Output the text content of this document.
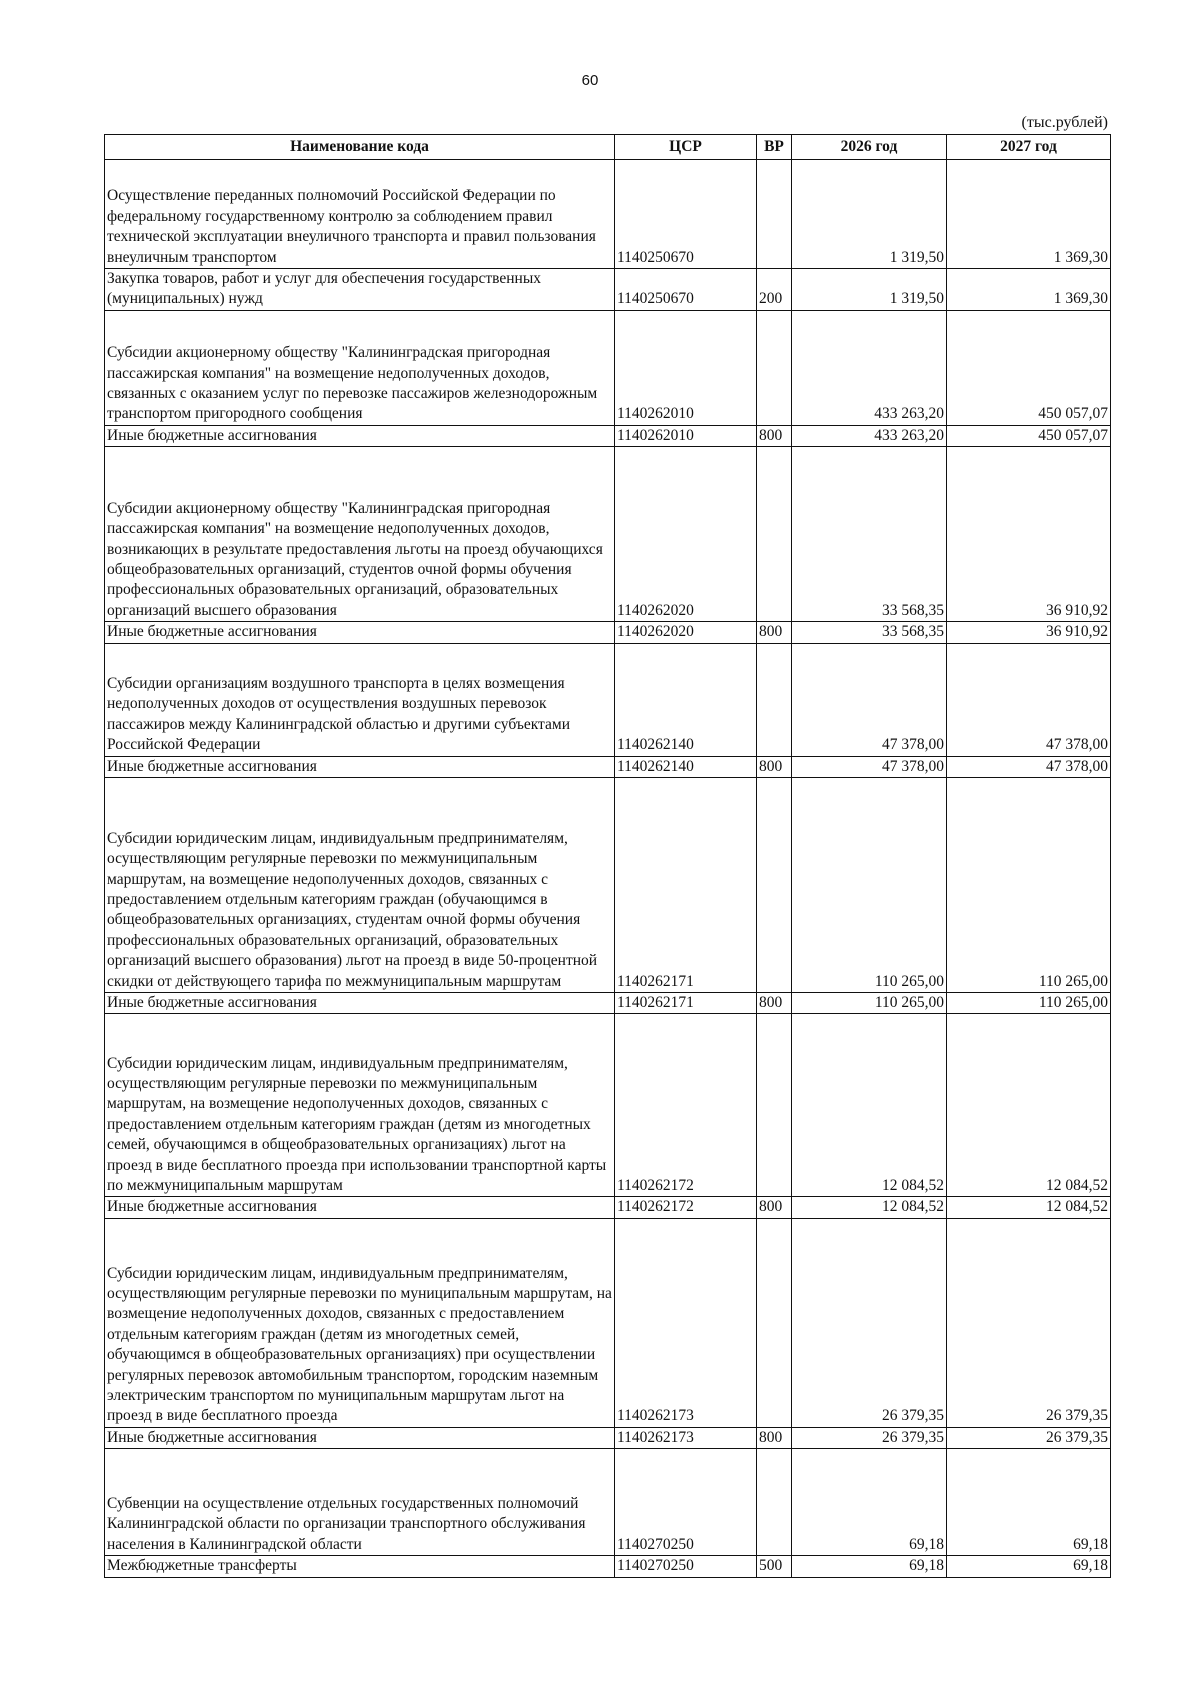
60
(тыс.рублей)
Наименование кода	ЦСР	ВР	2026 год	2027 год
Осуществление переданных полномочий Российской Федерации по федеральному государственному контролю за соблюдением правил технической эксплуатации внеуличного транспорта и правил пользования внеуличным транспортом	1140250670		1 319,50	1 369,30
Закупка товаров, работ и услуг для обеспечения государственных (муниципальных) нужд	1140250670	200	1 319,50	1 369,30
Субсидии акционерному обществу "Калининградская пригородная пассажирская компания" на возмещение недополученных доходов, связанных с оказанием услуг по перевозке пассажиров железнодорожным транспортом пригородного сообщения	1140262010		433 263,20	450 057,07
Иные бюджетные ассигнования	1140262010	800	433 263,20	450 057,07
Субсидии акционерному обществу "Калининградская пригородная пассажирская компания" на возмещение недополученных доходов, возникающих в результате предоставления льготы на проезд обучающихся общеобразовательных организаций, студентов очной формы обучения профессиональных образовательных организаций, образовательных организаций высшего образования	1140262020		33 568,35	36 910,92
Иные бюджетные ассигнования	1140262020	800	33 568,35	36 910,92
Субсидии организациям воздушного транспорта в целях возмещения недополученных доходов от осуществления воздушных перевозок пассажиров между Калининградской областью и другими субъектами Российской Федерации	1140262140		47 378,00	47 378,00
Иные бюджетные ассигнования	1140262140	800	47 378,00	47 378,00
Субсидии юридическим лицам, индивидуальным предпринимателям, осуществляющим регулярные перевозки по межмуниципальным маршрутам, на возмещение недополученных доходов, связанных с предоставлением отдельным категориям граждан (обучающимся в общеобразовательных организациях, студентам очной формы обучения профессиональных образовательных организаций, образовательных организаций высшего образования) льгот на проезд в виде 50-процентной скидки от действующего тарифа по межмуниципальным маршрутам	1140262171		110 265,00	110 265,00
Иные бюджетные ассигнования	1140262171	800	110 265,00	110 265,00
Субсидии юридическим лицам, индивидуальным предпринимателям, осуществляющим регулярные перевозки по межмуниципальным маршрутам, на возмещение недополученных доходов, связанных с предоставлением отдельным категориям граждан (детям из многодетных семей, обучающимся в общеобразовательных организациях) льгот на проезд в виде бесплатного проезда при использовании транспортной карты по межмуниципальным маршрутам	1140262172		12 084,52	12 084,52
Иные бюджетные ассигнования	1140262172	800	12 084,52	12 084,52
Субсидии юридическим лицам, индивидуальным предпринимателям, осуществляющим регулярные перевозки по муниципальным маршрутам, на возмещение недополученных доходов, связанных с предоставлением отдельным категориям граждан (детям из многодетных семей, обучающимся в общеобразовательных организациях) при осуществлении регулярных перевозок автомобильным транспортом, городским наземным электрическим транспортом по муниципальным маршрутам льгот на проезд в виде бесплатного проезда	1140262173		26 379,35	26 379,35
Иные бюджетные ассигнования	1140262173	800	26 379,35	26 379,35
Субвенции на осуществление отдельных государственных полномочий Калининградской области по организации транспортного обслуживания населения в Калининградской области	1140270250		69,18	69,18
Межбюджетные трансферты	1140270250	500	69,18	69,18
